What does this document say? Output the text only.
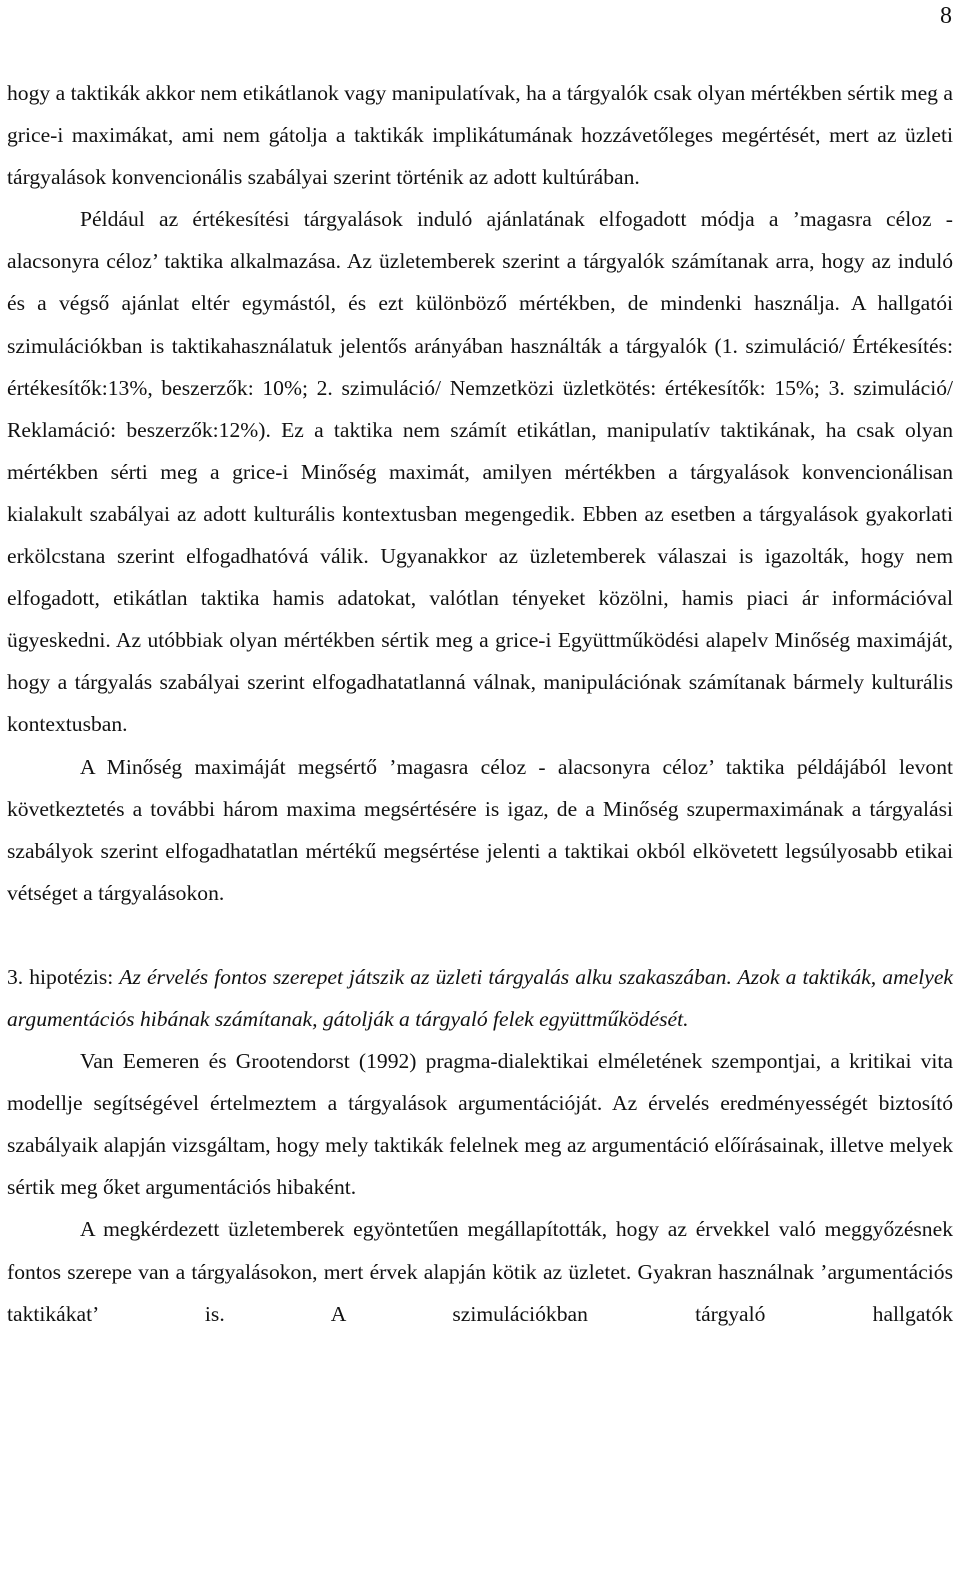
8

hogy a taktikák akkor nem etikátlanok vagy manipulatívak, ha a tárgyalók csak olyan mértékben sértik meg a grice-i maximákat, ami nem gátolja a taktikák implikátumának hozzávetőleges megértését, mert az üzleti tárgyalások konvencionális szabályai szerint történik az adott kultúrában.

Például az értékesítési tárgyalások induló ajánlatának elfogadott módja a ’magasra céloz - alacsonyra céloz’ taktika alkalmazása. Az üzletemberek szerint a tárgyalók számítanak arra, hogy az induló és a végső ajánlat eltér egymástól, és ezt különböző mértékben, de mindenki használja. A hallgatói szimulációkban is taktikahasználatuk jelentős arányában használták a tárgyalók (1. szimuláció/ Értékesítés: értékesítők:13%, beszerzők: 10%; 2. szimuláció/ Nemzetközi üzletkötés: értékesítők: 15%; 3. szimuláció/ Reklamáció: beszerzők:12%). Ez a taktika nem számít etikátlan, manipulatív taktikának, ha csak olyan mértékben sérti meg a grice-i Minőség maximát, amilyen mértékben a tárgyalások konvencionálisan kialakult szabályai az adott kulturális kontextusban megengedik. Ebben az esetben a tárgyalások gyakorlati erkölcstana szerint elfogadhatóvá válik. Ugyanakkor az üzletemberek válaszai is igazolták, hogy nem elfogadott, etikátlan taktika hamis adatokat, valótlan tényeket közölni, hamis piaci ár információval ügyeskedni. Az utóbbiak olyan mértékben sértik meg a grice-i Együttműködési alapelv Minőség maximáját, hogy a tárgyalás szabályai szerint elfogadhatatlanná válnak, manipulációnak számítanak bármely kulturális kontextusban.

A Minőség maximáját megsértő ’magasra céloz - alacsonyra céloz’ taktika példájából levont következtetés a további három maxima megsértésére is igaz, de a Minőség szupermaximának a tárgyalási szabályok szerint elfogadhatatlan mértékű megsértése jelenti a taktikai okból elkövetett legsúlyosabb etikai vétséget a tárgyalásokon.

3. hipotézis: Az érvelés fontos szerepet játszik az üzleti tárgyalás alku szakaszában. Azok a taktikák, amelyek argumentációs hibának számítanak, gátolják a tárgyaló felek együttműködését.

Van Eemeren és Grootendorst (1992) pragma-dialektikai elméletének szempontjai, a kritikai vita modellje segítségével értelmeztem a tárgyalások argumentációját. Az érvelés eredményességét biztosító szabályaik alapján vizsgáltam, hogy mely taktikák felelnek meg az argumentáció előírásainak, illetve melyek sértik meg őket argumentációs hibaként.

A megkérdezett üzletemberek egyöntetűen megállapították, hogy az érvekkel való meggyőzésnek fontos szerepe van a tárgyalásokon, mert érvek alapján kötik az üzletet. Gyakran használnak ’argumentációs taktikákat’ is. A szimulációkban tárgyaló hallgatók
